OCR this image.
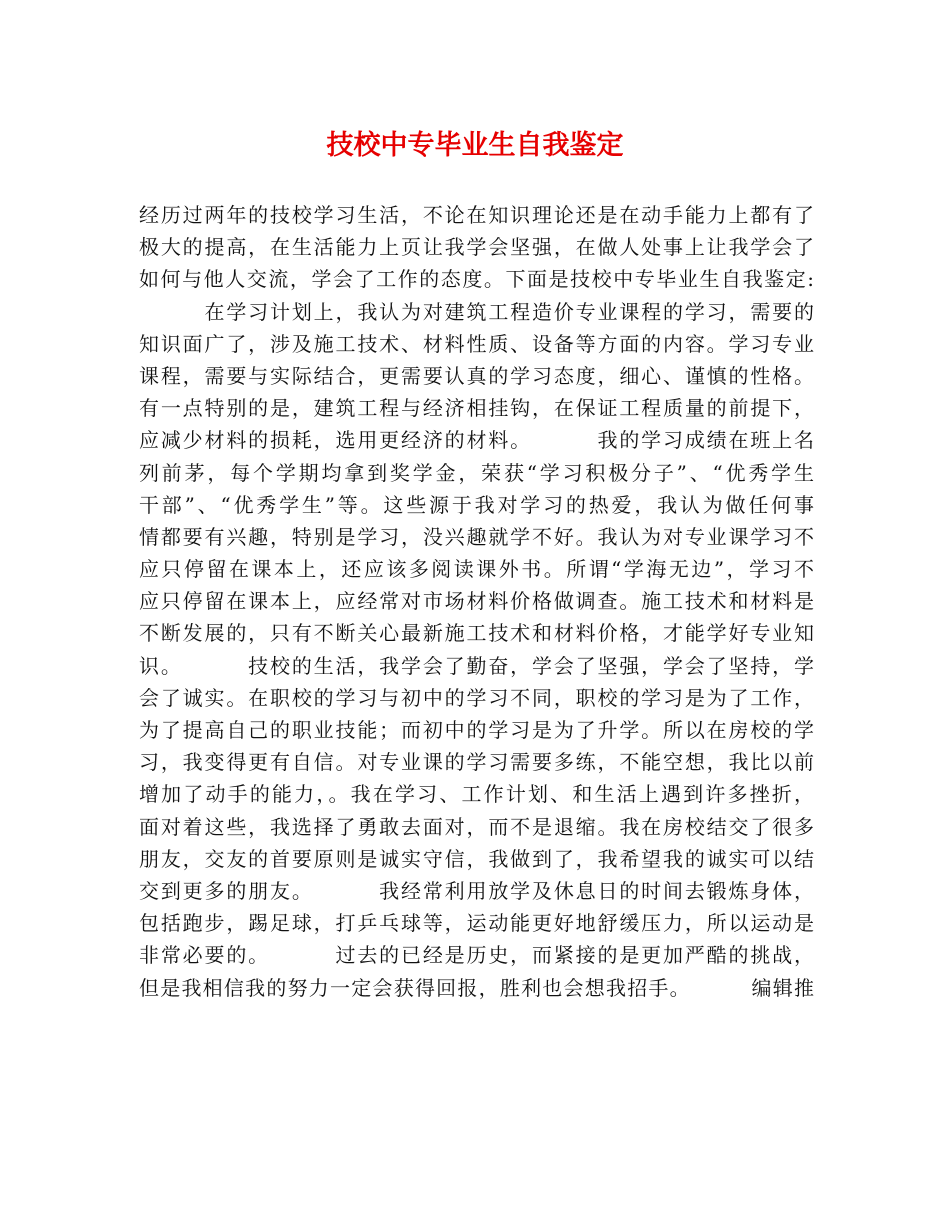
技校中专毕业生自我鉴定
经历过两年的技校学习生活，不论在知识理论还是在动手能力上都有了
极大的提高，在生活能力上页让我学会坚强，在做人处事上让我学会了
如何与他人交流，学会了工作的态度。下面是技校中专毕业生自我鉴定:
在学习计划上，我认为对建筑工程造价专业课程的学习，需要的
知识面广了，涉及施工技术、材料性质、设备等方面的内容。学习专业
课程，需要与实际结合，更需要认真的学习态度，细心、谨慎的性格。
有一点特别的是，建筑工程与经济相挂钩，在保证工程质量的前提下，
应减少材料的损耗，选用更经济的材料。        我的学习成绩在班上名
列前茅，每个学期均拿到奖学金，荣获“学习积极分子”、“优秀学生
干部”、“优秀学生”等。这些源于我对学习的热爱，我认为做任何事
情都要有兴趣，特别是学习，没兴趣就学不好。我认为对专业课学习不
应只停留在课本上，还应该多阅读课外书。所谓“学海无边”，学习不
应只停留在课本上，应经常对市场材料价格做调查。施工技术和材料是
不断发展的，只有不断关心最新施工技术和材料价格，才能学好专业知
识。        技校的生活，我学会了勤奋，学会了坚强，学会了坚持，学
会了诚实。在职校的学习与初中的学习不同，职校的学习是为了工作，
为了提高自己的职业技能；而初中的学习是为了升学。所以在房校的学
习，我变得更有自信。对专业课的学习需要多练，不能空想，我比以前
增加了动手的能力，。我在学习、工作计划、和生活上遇到许多挫折，
面对着这些，我选择了勇敢去面对，而不是退缩。我在房校结交了很多
朋友，交友的首要原则是诚实守信，我做到了，我希望我的诚实可以结
交到更多的朋友。        我经常利用放学及休息日的时间去锻炼身体，
包括跑步，踢足球，打乒乓球等，运动能更好地舒缓压力，所以运动是
非常必要的。        过去的已经是历史，而紧接的是更加严酷的挑战，
但是我相信我的努力一定会获得回报，胜利也会想我招手。        编辑推
